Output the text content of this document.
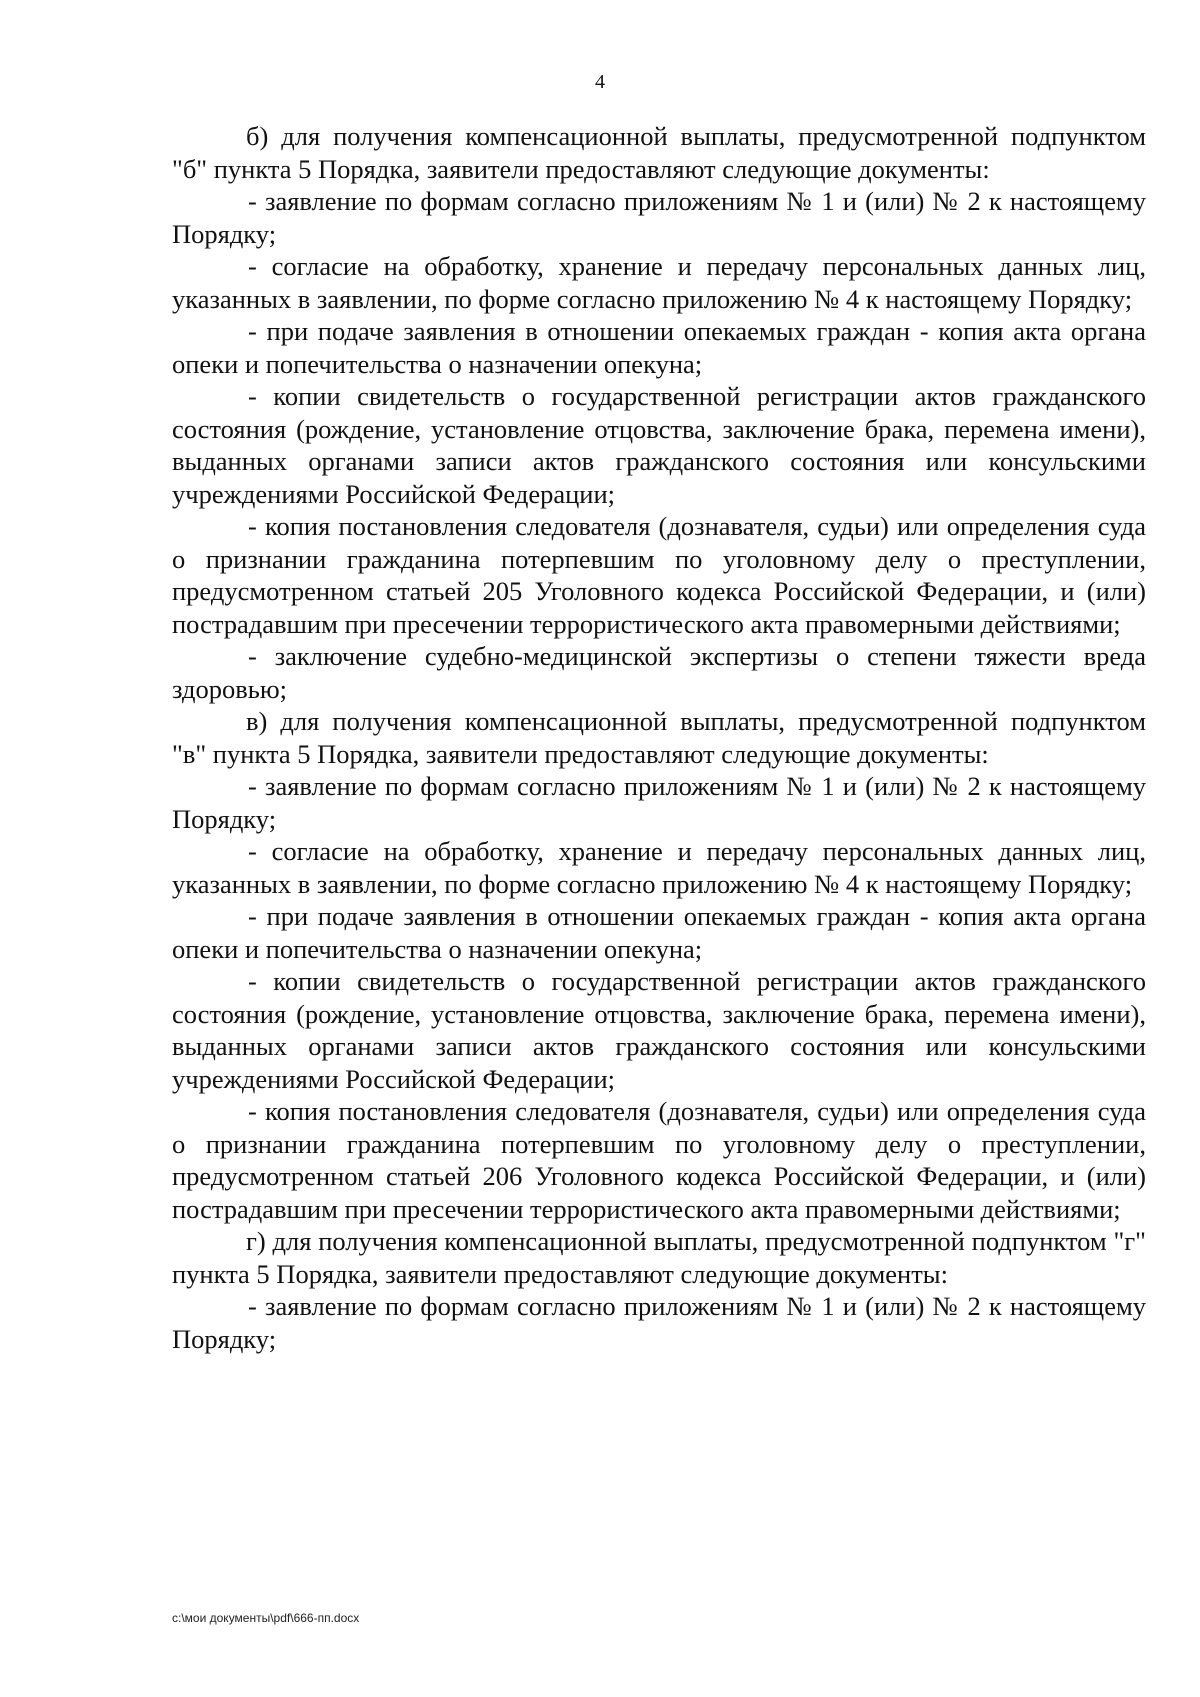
4

б) для получения компенсационной выплаты, предусмотренной подпунктом "б" пункта 5 Порядка, заявители предоставляют следующие документы:

- заявление по формам согласно приложениям № 1 и (или) № 2 к настоящему Порядку;

- согласие на обработку, хранение и передачу персональных данных лиц, указанных в заявлении, по форме согласно приложению № 4 к настоящему Порядку;

- при подаче заявления в отношении опекаемых граждан - копия акта органа опеки и попечительства о назначении опекуна;

- копии свидетельств о государственной регистрации актов гражданского состояния (рождение, установление отцовства, заключение брака, перемена имени), выданных органами записи актов гражданского состояния или консульскими учреждениями Российской Федерации;

- копия постановления следователя (дознавателя, судьи) или определения суда о признании гражданина потерпевшим по уголовному делу о преступлении, предусмотренном статьей 205 Уголовного кодекса Российской Федерации, и (или) пострадавшим при пресечении террористического акта правомерными действиями;

- заключение судебно-медицинской экспертизы о степени тяжести вреда здоровью;

в) для получения компенсационной выплаты, предусмотренной подпунктом "в" пункта 5 Порядка, заявители предоставляют следующие документы:

- заявление по формам согласно приложениям № 1 и (или) № 2 к настоящему Порядку;

- согласие на обработку, хранение и передачу персональных данных лиц, указанных в заявлении, по форме согласно приложению № 4 к настоящему Порядку;

- при подаче заявления в отношении опекаемых граждан - копия акта органа опеки и попечительства о назначении опекуна;

- копии свидетельств о государственной регистрации актов гражданского состояния (рождение, установление отцовства, заключение брака, перемена имени), выданных органами записи актов гражданского состояния или консульскими учреждениями Российской Федерации;

- копия постановления следователя (дознавателя, судьи) или определения суда о признании гражданина потерпевшим по уголовному делу о преступлении, предусмотренном статьей 206 Уголовного кодекса Российской Федерации, и (или) пострадавшим при пресечении террористического акта правомерными действиями;

г) для получения компенсационной выплаты, предусмотренной подпунктом "г" пункта 5 Порядка, заявители предоставляют следующие документы:

- заявление по формам согласно приложениям № 1 и (или) № 2 к настоящему Порядку;

c:\мои документы\pdf\666-пп.docx
